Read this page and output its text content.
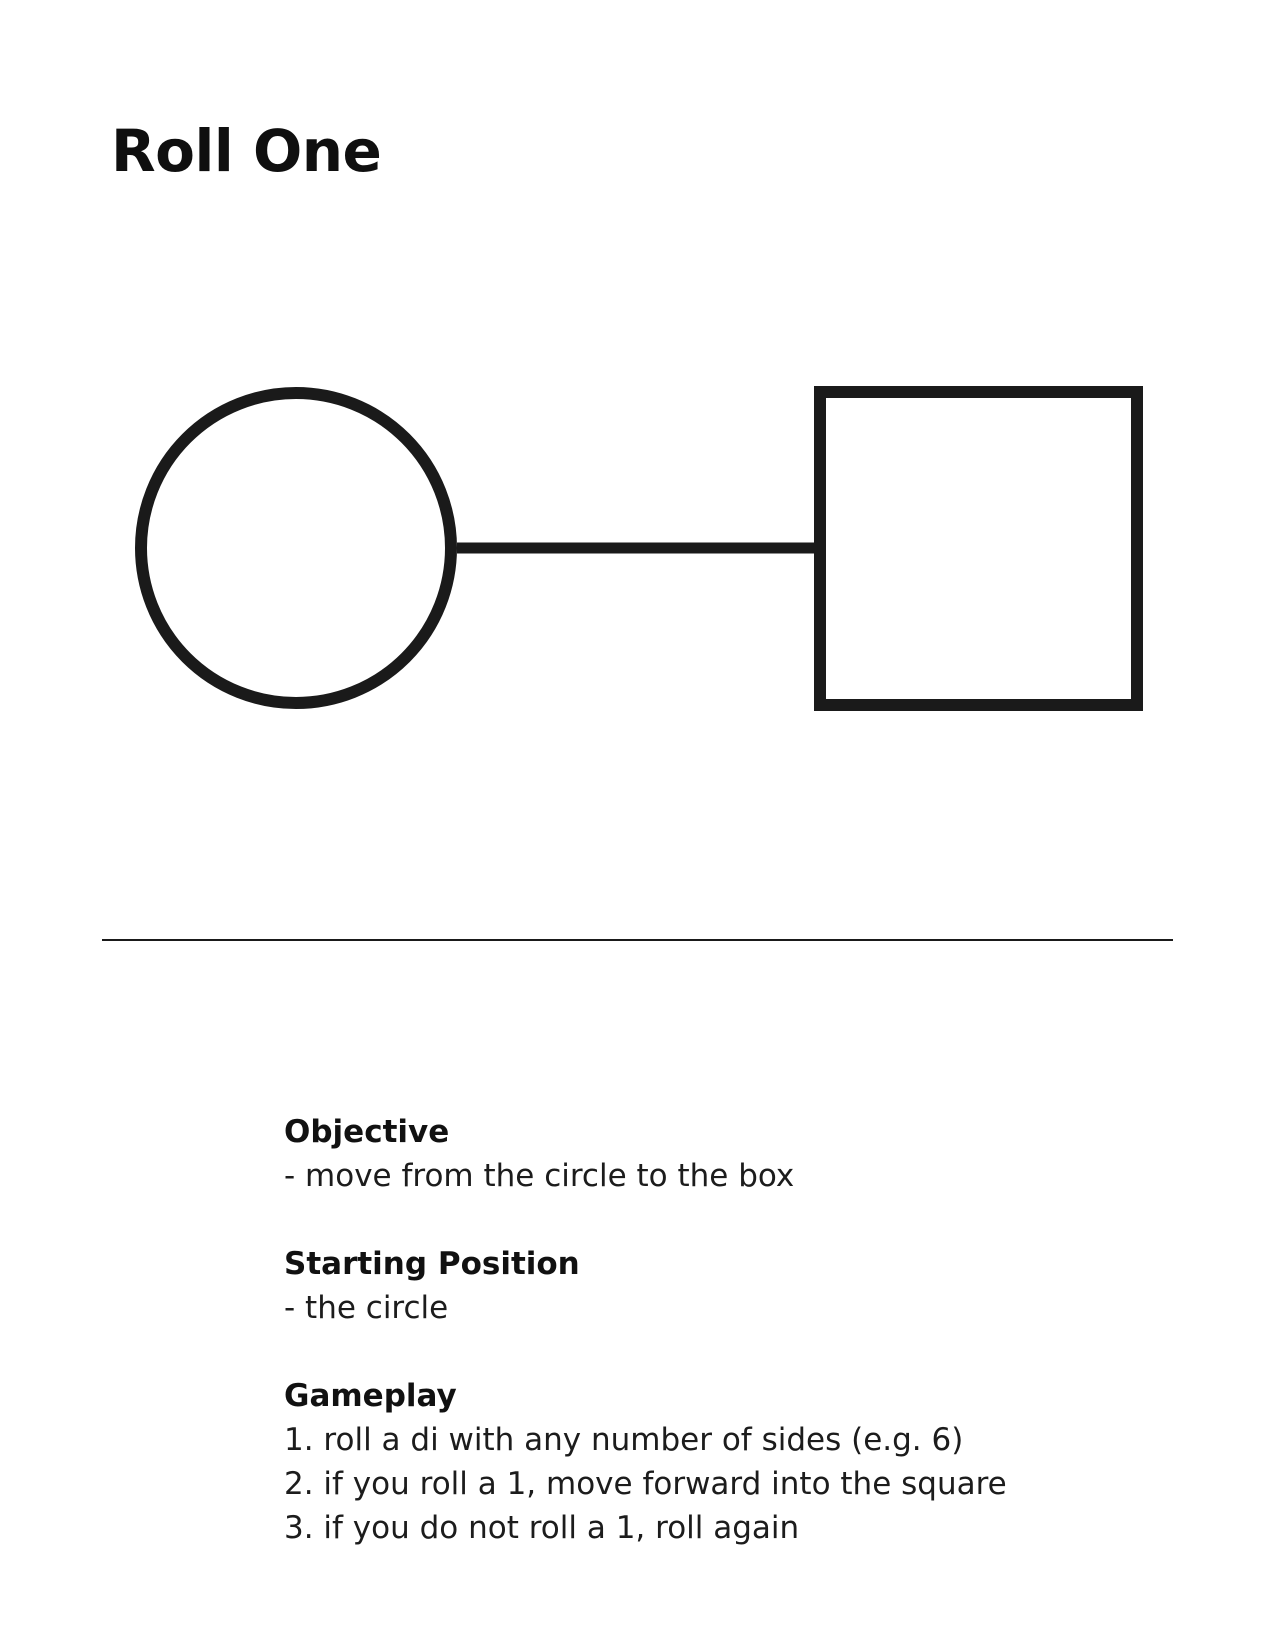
Roll One
Objective
- move from the circle to the box
Starting Position
- the circle
Gameplay
1. roll a di with any number of sides (e.g. 6)
2. if you roll a 1, move forward into the square
3. if you do not roll a 1, roll again
